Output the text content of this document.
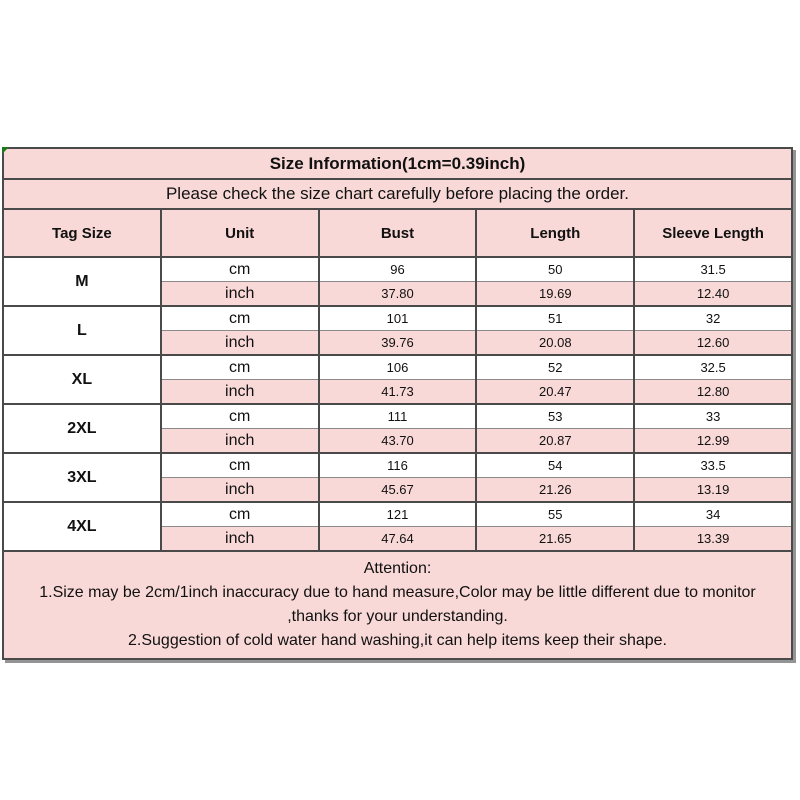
Size Information(1cm=0.39inch)				
Please check the size chart carefully before placing the order.				
Tag Size	Unit	Bust	Length	Sleeve Length
M	cm	96	50	31.5
	inch	37.80	19.69	12.40
L	cm	101	51	32
	inch	39.76	20.08	12.60
XL	cm	106	52	32.5
	inch	41.73	20.47	12.80
2XL	cm	111	53	33
	inch	43.70	20.87	12.99
3XL	cm	116	54	33.5
	inch	45.67	21.26	13.19
4XL	cm	121	55	34
	inch	47.64	21.65	13.39

Attention:
1.Size may be 2cm/1inch inaccuracy due to hand measure,Color may be little different due to monitor
,thanks for your understanding.
2.Suggestion of cold water hand washing,it can help items keep their shape.				
